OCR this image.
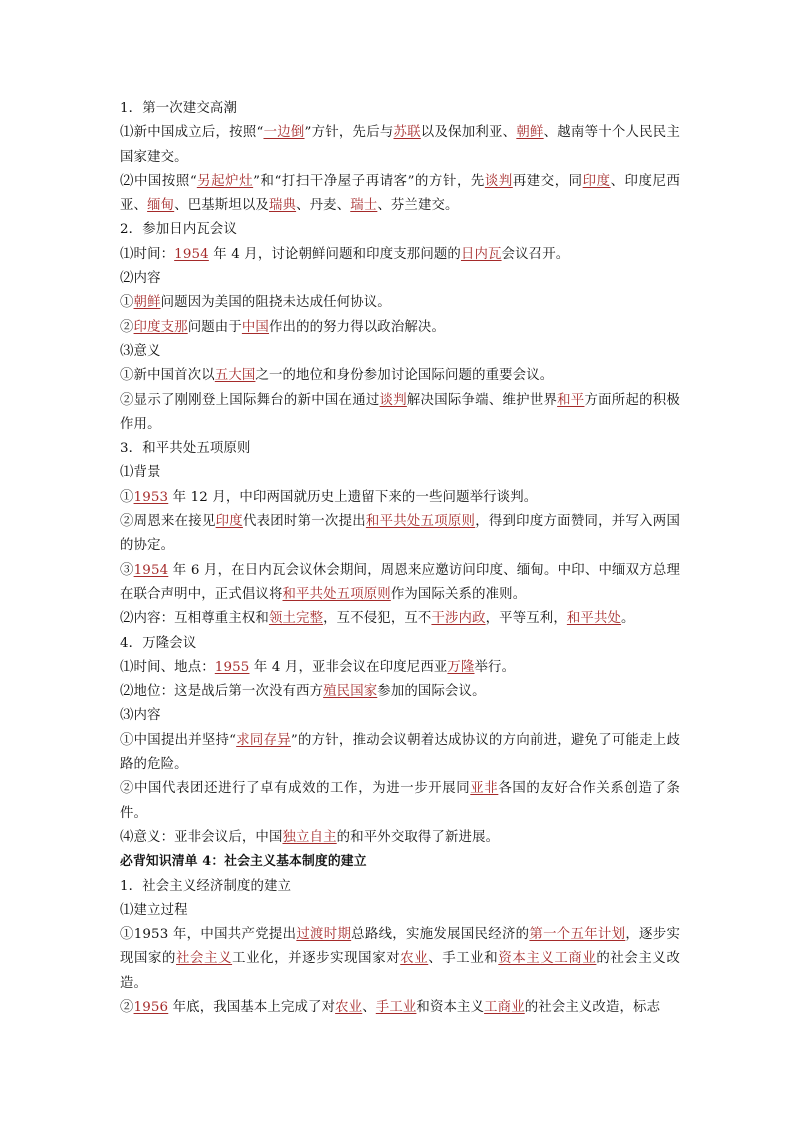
1．第一次建交高潮

⑴新中国成立后，按照“一边倒”方针，先后与苏联以及保加利亚、朝鲜、越南等十个人民民主国家建交。

⑵中国按照“另起炉灶”和“打扫干净屋子再请客”的方针，先谈判再建交，同印度、印度尼西亚、缅甸、巴基斯坦以及瑞典、丹麦、瑞士、芬兰建交。

2．参加日内瓦会议

⑴时间：1954 年 4 月，讨论朝鲜问题和印度支那问题的日内瓦会议召开。

⑵内容

①朝鲜问题因为美国的阻挠未达成任何协议。

②印度支那问题由于中国作出的的努力得以政治解决。

⑶意义

①新中国首次以五大国之一的地位和身份参加讨论国际问题的重要会议。

②显示了刚刚登上国际舞台的新中国在通过谈判解决国际争端、维护世界和平方面所起的积极作用。

3．和平共处五项原则

⑴背景

①1953 年 12 月，中印两国就历史上遗留下来的一些问题举行谈判。

②周恩来在接见印度代表团时第一次提出和平共处五项原则，得到印度方面赞同，并写入两国的协定。

③1954 年 6 月，在日内瓦会议休会期间，周恩来应邀访问印度、缅甸。中印、中缅双方总理在联合声明中，正式倡议将和平共处五项原则作为国际关系的准则。

⑵内容：互相尊重主权和领土完整，互不侵犯，互不干涉内政，平等互利，和平共处。

4．万隆会议

⑴时间、地点：1955 年 4 月，亚非会议在印度尼西亚万隆举行。

⑵地位：这是战后第一次没有西方殖民国家参加的国际会议。

⑶内容

①中国提出并坚持“求同存异”的方针，推动会议朝着达成协议的方向前进，避免了可能走上歧路的危险。

②中国代表团还进行了卓有成效的工作，为进一步开展同亚非各国的友好合作关系创造了条件。

⑷意义：亚非会议后，中国独立自主的和平外交取得了新进展。

必背知识清单 4：社会主义基本制度的建立

1．社会主义经济制度的建立

⑴建立过程

①1953 年，中国共产党提出过渡时期总路线，实施发展国民经济的第一个五年计划，逐步实现国家的社会主义工业化，并逐步实现国家对农业、手工业和资本主义工商业的社会主义改造。

②1956 年底，我国基本上完成了对农业、手工业和资本主义工商业的社会主义改造，标志
